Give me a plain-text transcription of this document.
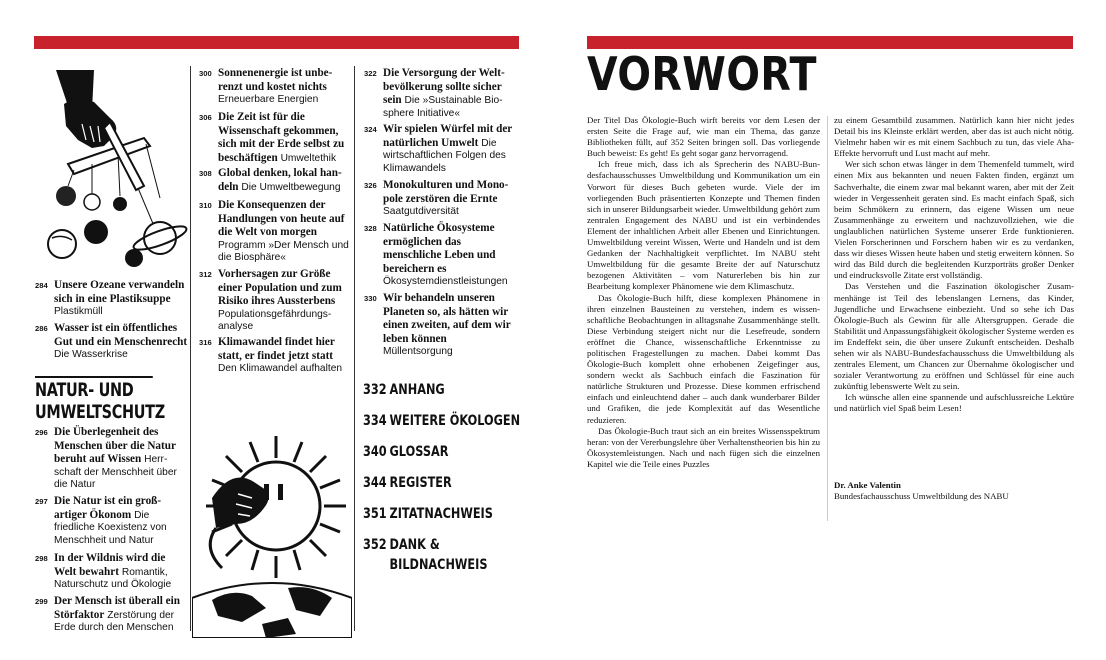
284 Unsere Ozeane verwandeln sich in eine Plastiksuppe Plastikmüll
286 Wasser ist ein öffentliches Gut und ein Menschenrecht Die Wasserkrise
NATUR- UND
UMWELTSCHUTZ
296 Die Überlegenheit des Menschen über die Natur beruht auf Wissen Herrschaft der Menschheit über die Natur
297 Die Natur ist ein großartiger Ökonom Die friedliche Koexistenz von Menschheit und Natur
298 In der Wildnis wird die Welt bewahrt Romantik, Naturschutz und Ökologie
299 Der Mensch ist überall ein Störfaktor Zerstörung der Erde durch den Menschen
300 Sonnenenergie ist unberenzt und kostet nichts Erneuerbare Energien
306 Die Zeit ist für die Wissenschaft gekommen, sich mit der Erde selbst zu beschäftigen Umweltethik
308 Global denken, lokal handeln Die Umweltbewegung
310 Die Konsequenzen der Handlungen von heute auf die Welt von morgen Programm »Der Mensch und die Biosphäre«
312 Vorhersagen zur Größe einer Population und zum Risiko ihres Aussterbens Populationsgefährdungsanalyse
316 Klimawandel findet hier statt, er findet jetzt statt Den Klimawandel aufhalten
322 Die Versorgung der Weltbevölkerung sollte sicher sein Die »Sustainable Biosphere Initiative«
324 Wir spielen Würfel mit der natürlichen Umwelt Die wirtschaftlichen Folgen des Klimawandels
326 Monokulturen und Monopole zerstören die Ernte Saatgutdiversität
328 Natürliche Ökosysteme ermöglichen das menschliche Leben und bereichern es Ökosystemdienstleistungen
330 Wir behandeln unseren Planeten so, als hätten wir einen zweiten, auf dem wir leben können Müllentsorgung
332 ANHANG
334 WEITERE ÖKOLOGEN
340 GLOSSAR
344 REGISTER
351 ZITATNACHWEIS
352 DANK &
BILDNACHWEIS
VORWORT

Der Titel Das Ökologie-Buch wirft bereits vor dem Lesen der ersten Seite die Frage auf, wie man ein Thema, das ganze Bibliotheken füllt, auf 352 Seiten bringen soll. Das vorliegende Buch beweist: Es geht! Es geht sogar ganz hervorragend.

Ich freue mich, dass ich als Sprecherin des NABU-Bundesfachausschusses Umweltbildung und Kommunikation um ein Vorwort für dieses Buch gebeten wurde. Viele der im vorliegenden Buch präsentierten Konzepte und Themen finden sich in unserer Bildungsarbeit wieder. Umweltbildung gehört zum zentralen Engagement des NABU und ist ein verbindendes Element der inhaltlichen Arbeit aller Ebenen und Einrichtungen. Umweltbildung vereint Wissen, Werte und Handeln und ist dem Gedanken der Nachhaltigkeit verpflichtet. Im NABU steht Umweltbildung für die gesamte Breite der auf Naturschutz bezogenen Aktivitäten – vom Naturerleben bis hin zur Bearbeitung komplexer Phänomene wie dem Klimaschutz.

Das Ökologie-Buch hilft, diese komplexen Phänomene in ihren einzelnen Bausteinen zu verstehen, indem es wissenschaftliche Beobachtungen in alltagsnahe Zusammenhänge stellt. Diese Verbindung steigert nicht nur die Lesefreude, sondern eröffnet die Chance, wissenschaftliche Erkenntnisse zu politischen Fragestellungen zu machen. Dabei kommt Das Ökologie-Buch komplett ohne erhobenen Zeigefinger aus, sondern weckt als Sachbuch einfach die Faszination für natürliche Strukturen und Prozesse. Diese kommen erfrischend einfach und einleuchtend daher – auch dank wunderbarer Bilder und Grafiken, die jede Komplexität auf das Wesentliche reduzieren.

Das Ökologie-Buch traut sich an ein breites Wissensspektrum heran: von der Vererbungslehre über Verhaltenstheorien bis hin zu Ökosystemleistungen. Nach und nach fügen sich die einzelnen Kapitel wie die Teile eines Puzzles

zu einem Gesamtbild zusammen. Natürlich kann hier nicht jedes Detail bis ins Kleinste erklärt werden, aber das ist auch nicht nötig. Vielmehr haben wir es mit einem Sachbuch zu tun, das viele Aha-Effekte hervorruft und Lust macht auf mehr.

Wer sich schon etwas länger in dem Themenfeld tummelt, wird einen Mix aus bekannten und neuen Fakten finden, ergänzt um Sachverhalte, die einem zwar mal bekannt waren, aber mit der Zeit wieder in Vergessenheit geraten sind. Es macht einfach Spaß, sich beim Schmökern zu erinnern, das eigene Wissen um neue Zusammenhänge zu erweitern und nachzuvollziehen, wie die unglaublichen natürlichen Systeme unserer Erde funktionieren. Vielen Forscherinnen und Forschern haben wir es zu verdanken, dass wir dieses Wissen heute haben und stetig erweitern können. So wird das Bild durch die begleitenden Kurzporträts großer Denker und eindrucksvolle Zitate erst vollständig.

Das Verstehen und die Faszination ökologischer Zusammenhänge ist Teil des lebenslangen Lernens, das Kinder, Jugendliche und Erwachsene einbezieht. Und so sehe ich Das Ökologie-Buch als Gewinn für alle Altersgruppen. Gerade die Stabilität und Anpassungsfähigkeit ökologischer Systeme werden es im Endeffekt sein, die über unsere Zukunft entscheiden. Deshalb sehen wir als NABU-Bundesfachausschuss die Umweltbildung als zentrales Element, um Chancen zur Übernahme ökologischer und sozialer Verantwortung zu eröffnen und Schlüssel für eine auch zukünftig lebenswerte Welt zu sein.

Ich wünsche allen eine spannende und aufschlussreiche Lektüre und natürlich viel Spaß beim Lesen!

Dr. Anke Valentin
Bundesfachausschuss Umweltbildung des NABU
